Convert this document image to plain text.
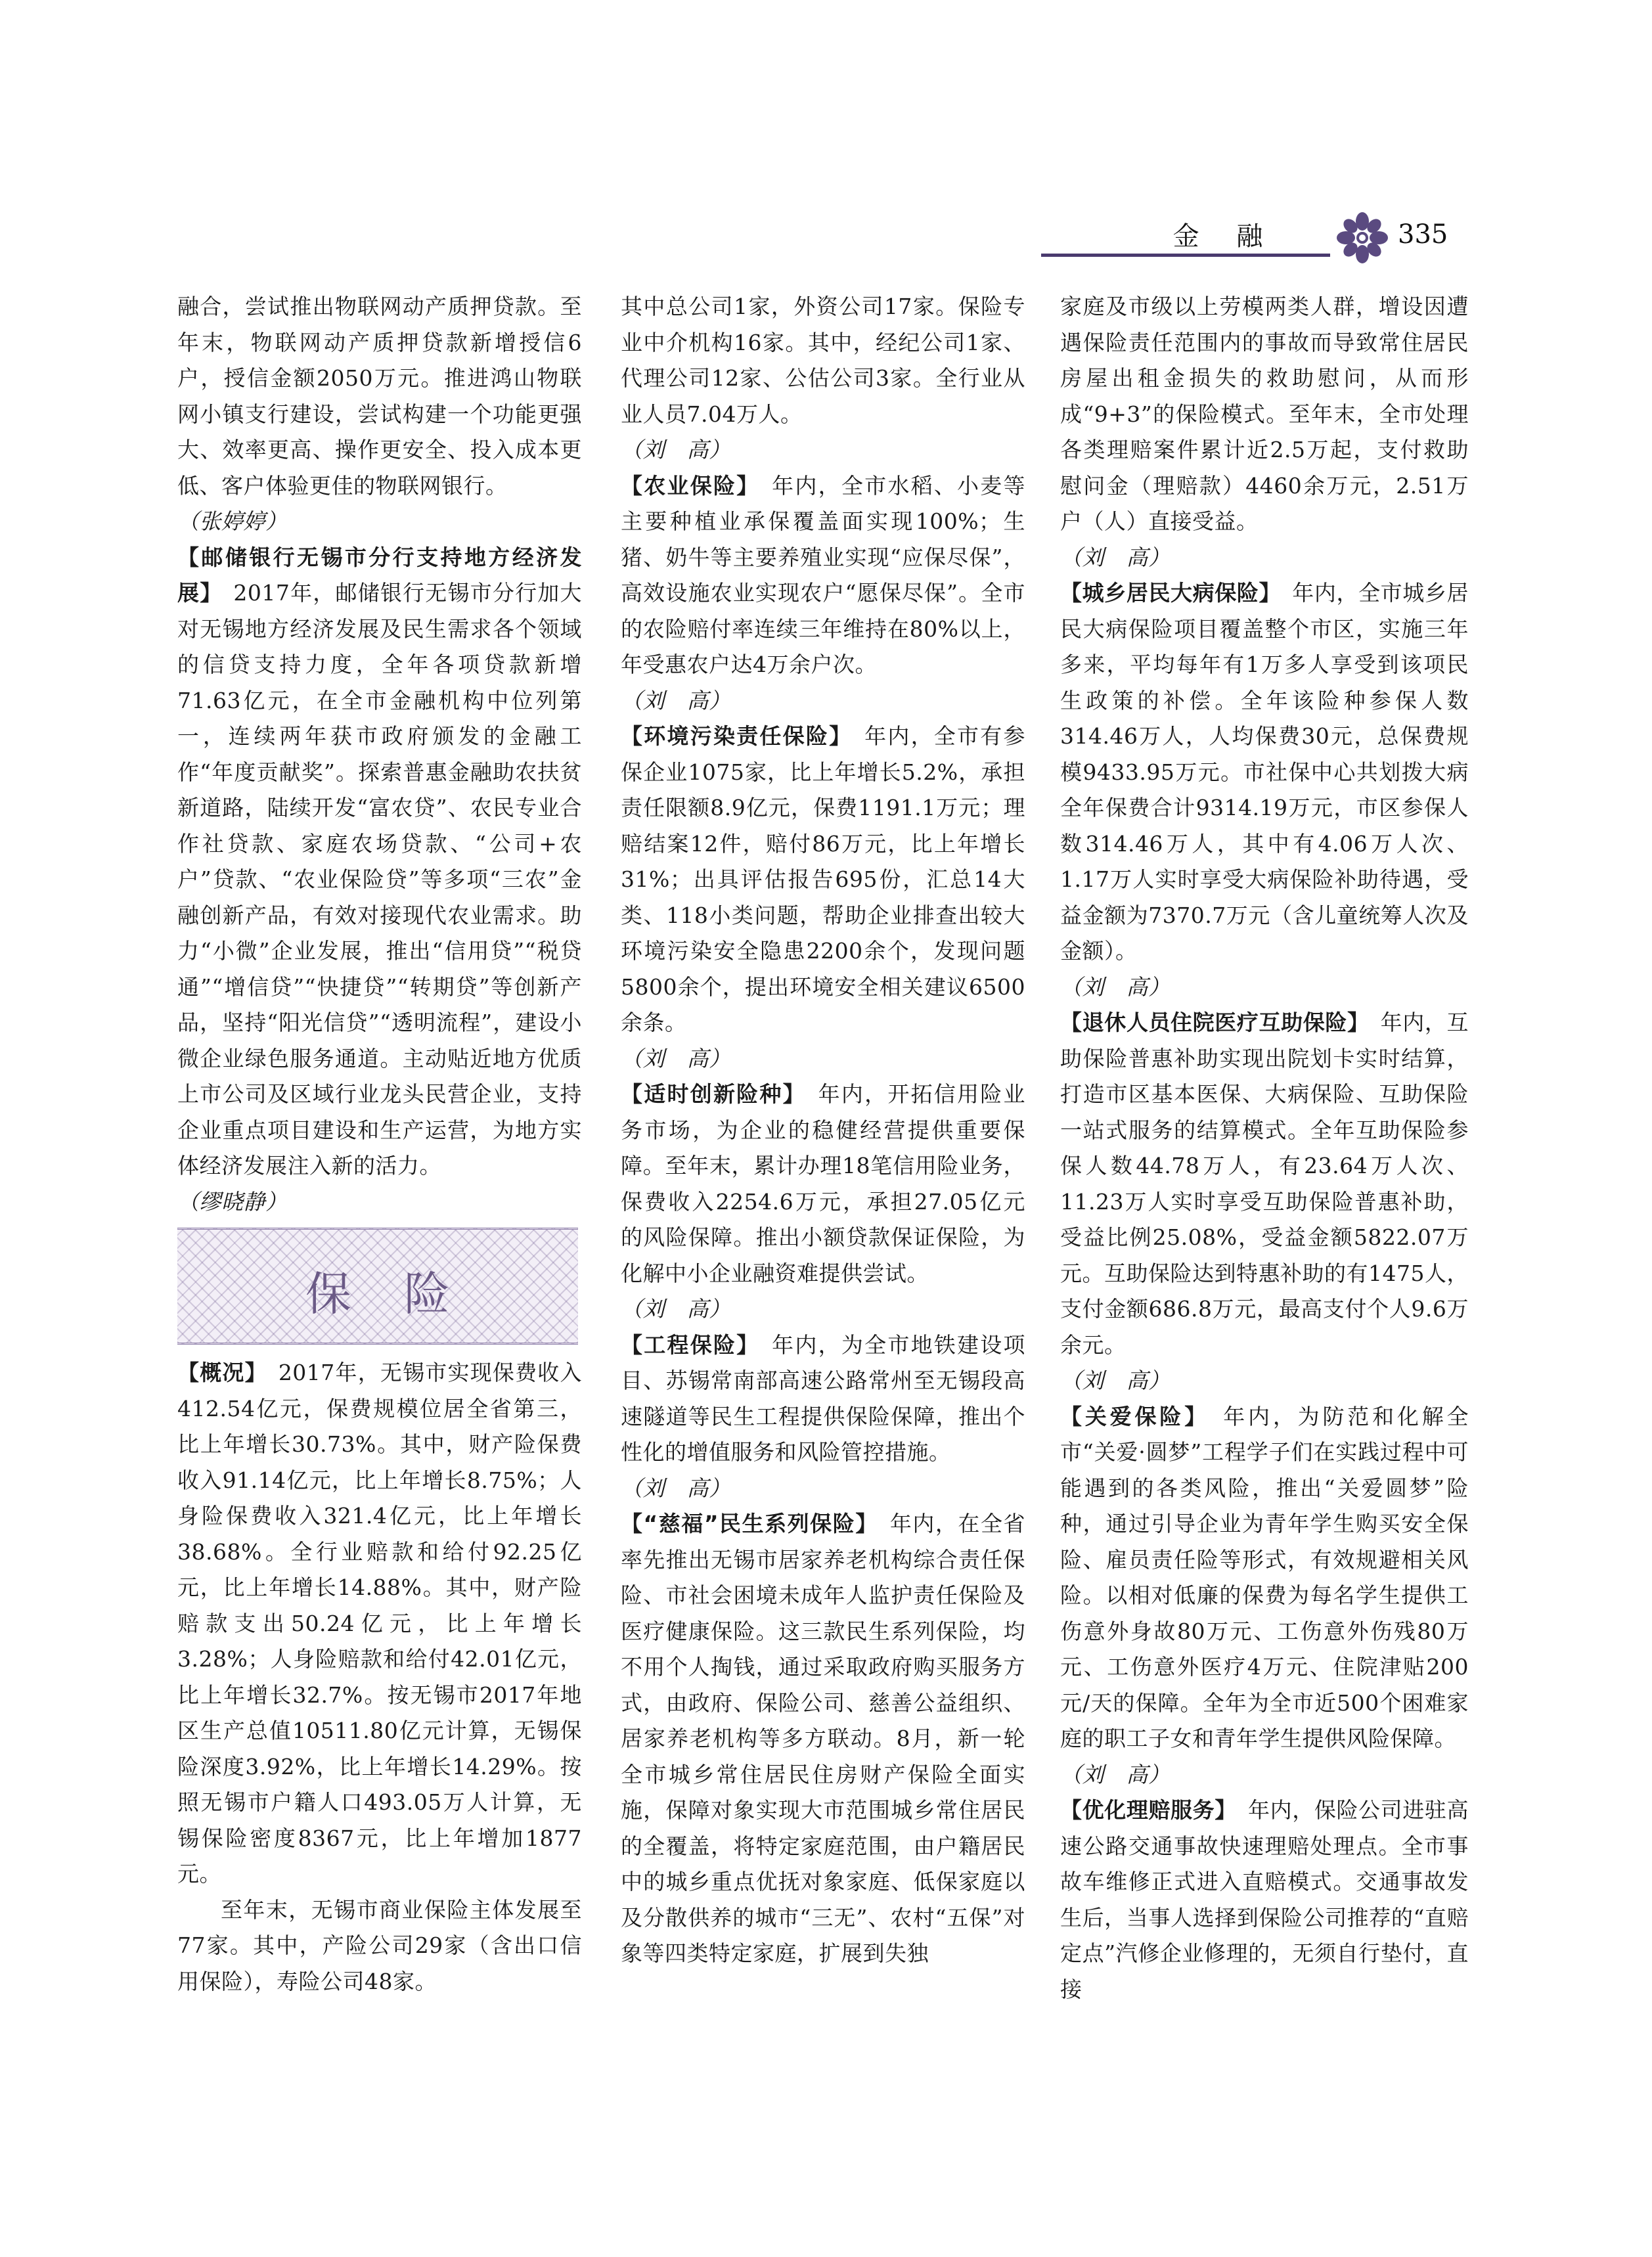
金 融	335

融合，尝试推出物联网动产质押贷款。至年末，物联网动产质押贷款新增授信6户，授信金额2050万元。推进鸿山物联网小镇支行建设，尝试构建一个功能更强大、效率更高、操作更安全、投入成本更低、客户体验更佳的物联网银行。

（张婷婷）

【邮储银行无锡市分行支持地方经济发展】  2017年，邮储银行无锡市分行加大对无锡地方经济发展及民生需求各个领域的信贷支持力度，全年各项贷款新增71.63亿元，在全市金融机构中位列第一，连续两年获市政府颁发的金融工作“年度贡献奖”。探索普惠金融助农扶贫新道路，陆续开发“富农贷”、农民专业合作社贷款、家庭农场贷款、“公司+农户”贷款、“农业保险贷”等多项“三农”金融创新产品，有效对接现代农业需求。助力“小微”企业发展，推出“信用贷”“税贷通”“增信贷”“快捷贷”“转期贷”等创新产品，坚持“阳光信贷”“透明流程”，建设小微企业绿色服务通道。主动贴近地方优质上市公司及区域行业龙头民营企业，支持企业重点项目建设和生产运营，为地方实体经济发展注入新的活力。

（缪晓静）

保险

【概况】  2017年，无锡市实现保费收入412.54亿元，保费规模位居全省第三，比上年增长30.73%。其中，财产险保费收入91.14亿元，比上年增长8.75%；人身险保费收入321.4亿元，比上年增长38.68%。全行业赔款和给付92.25亿元，比上年增长14.88%。其中，财产险赔款支出50.24亿元，比上年增长3.28%；人身险赔款和给付42.01亿元，比上年增长32.7%。按无锡市2017年地区生产总值10511.80亿元计算，无锡保险深度3.92%，比上年增长14.29%。按照无锡市户籍人口493.05万人计算，无锡保险密度8367元，比上年增加1877元。

至年末，无锡市商业保险主体发展至77家。其中，产险公司29家（含出口信用保险），寿险公司48家。

其中总公司1家，外资公司17家。保险专业中介机构16家。其中，经纪公司1家、代理公司12家、公估公司3家。全行业从业人员7.04万人。

（刘　高）

【农业保险】  年内，全市水稻、小麦等主要种植业承保覆盖面实现100%；生猪、奶牛等主要养殖业实现“应保尽保”，高效设施农业实现农户“愿保尽保”。全市的农险赔付率连续三年维持在80%以上，年受惠农户达4万余户次。

（刘　高）

【环境污染责任保险】  年内，全市有参保企业1075家，比上年增长5.2%，承担责任限额8.9亿元，保费1191.1万元；理赔结案12件，赔付86万元，比上年增长31%；出具评估报告695份，汇总14大类、118小类问题，帮助企业排查出较大环境污染安全隐患2200余个，发现问题5800余个，提出环境安全相关建议6500余条。

（刘　高）

【适时创新险种】  年内，开拓信用险业务市场，为企业的稳健经营提供重要保障。至年末，累计办理18笔信用险业务，保费收入2254.6万元，承担27.05亿元的风险保障。推出小额贷款保证保险，为化解中小企业融资难提供尝试。

（刘　高）

【工程保险】  年内，为全市地铁建设项目、苏锡常南部高速公路常州至无锡段高速隧道等民生工程提供保险保障，推出个性化的增值服务和风险管控措施。

（刘　高）

【“慈福”民生系列保险】  年内，在全省率先推出无锡市居家养老机构综合责任保险、市社会困境未成年人监护责任保险及医疗健康保险。这三款民生系列保险，均不用个人掏钱，通过采取政府购买服务方式，由政府、保险公司、慈善公益组织、居家养老机构等多方联动。8月，新一轮全市城乡常住居民住房财产保险全面实施，保障对象实现大市范围城乡常住居民的全覆盖，将特定家庭范围，由户籍居民中的城乡重点优抚对象家庭、低保家庭以及分散供养的城市“三无”、农村“五保”对象等四类特定家庭，扩展到失独

家庭及市级以上劳模两类人群，增设因遭遇保险责任范围内的事故而导致常住居民房屋出租金损失的救助慰问，从而形成“9+3”的保险模式。至年末，全市处理各类理赔案件累计近2.5万起，支付救助慰问金（理赔款）4460余万元，2.51万户（人）直接受益。

（刘　高）

【城乡居民大病保险】  年内，全市城乡居民大病保险项目覆盖整个市区，实施三年多来，平均每年有1万多人享受到该项民生政策的补偿。全年该险种参保人数314.46万人，人均保费30元，总保费规模9433.95万元。市社保中心共划拨大病全年保费合计9314.19万元，市区参保人数314.46万人，其中有4.06万人次、1.17万人实时享受大病保险补助待遇，受益金额为7370.7万元（含儿童统筹人次及金额）。

（刘　高）

【退休人员住院医疗互助保险】  年内，互助保险普惠补助实现出院划卡实时结算，打造市区基本医保、大病保险、互助保险一站式服务的结算模式。全年互助保险参保人数44.78万人，有23.64万人次、11.23万人实时享受互助保险普惠补助，受益比例25.08%，受益金额5822.07万元。互助保险达到特惠补助的有1475人，支付金额686.8万元，最高支付个人9.6万余元。

（刘　高）

【关爱保险】  年内，为防范和化解全市“关爱·圆梦”工程学子们在实践过程中可能遇到的各类风险，推出“关爱圆梦”险种，通过引导企业为青年学生购买安全保险、雇员责任险等形式，有效规避相关风险。以相对低廉的保费为每名学生提供工伤意外身故80万元、工伤意外伤残80万元、工伤意外医疗4万元、住院津贴200元/天的保障。全年为全市近500个困难家庭的职工子女和青年学生提供风险保障。

（刘　高）

【优化理赔服务】  年内，保险公司进驻高速公路交通事故快速理赔处理点。全市事故车维修正式进入直赔模式。交通事故发生后，当事人选择到保险公司推荐的“直赔定点”汽修企业修理的，无须自行垫付，直接
